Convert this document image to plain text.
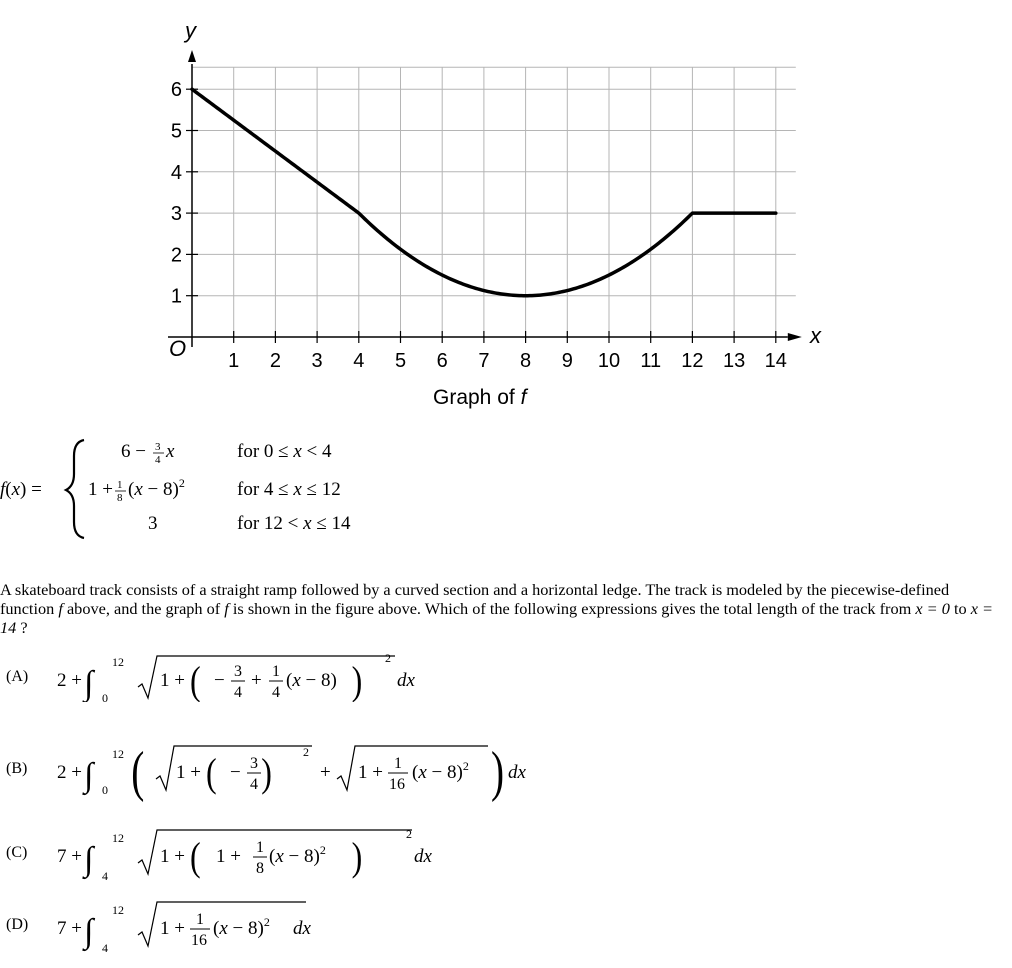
1 2 3 4 5 6 7 8 9 10 11 12 13 14
1
2
3
4
5
6
y
x
O
Graph of f
f(x) =
6 − 3
4 x	for 0 ≤ x < 4
1 + 1
8 $(x - 8)^2$	for 4 ≤ x ≤ 12
3	for 12 < x ≤ 14
A skateboard track consists of a straight ramp followed by a curved section and a horizontal ledge. The track is modeled by the piecewise-defined function f above, and the graph of f is shown in the figure above. Which of the following expressions gives the total length of the track from x = 0 to x = 14 ?
(A) 2 + ∫
12
0
1 + ( − 3
4
+ 1
4
(x − 8) )
2
dx
(B) 2 + ∫
12
0 ( 1 + ( − 3
4 )	2
+ 1 + 1
16
$(x - 8)^2$ ) dx
(C) 7 + ∫
12
4
1 + ( 1 + 1
8
$(x - 8)^2$ )
2
dx
(D) 7 + ∫
12
4
1 + 1
16
$(x - 8)^2$ dx
